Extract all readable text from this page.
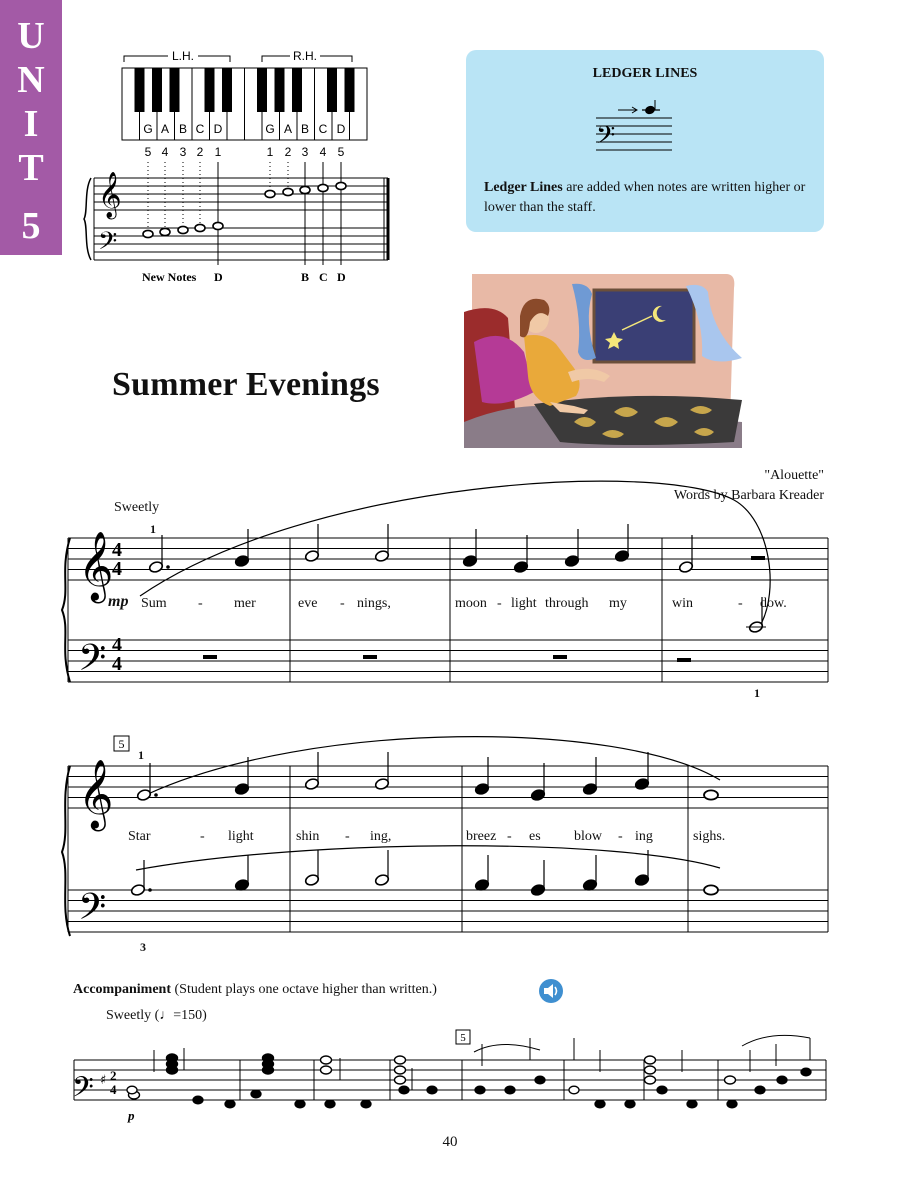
U
N
I
T
5
L.H.	R.H.
Middle C
G A B C D	G A B C D
5 4 3 2 1	1 2 3 4 5
𝄞
𝄢
New Notes D	B C D
LEDGER LINES
𝄢
Ledger Lines are added when notes are written higher or lower than the staff.
Summer Evenings
"Alouette"
Words by Barbara Kreader
Sweetly
𝄞
𝄢
4
4
4
4
1
1
mp Sum - mer	eve - nings,	moon - light through my	win	- dow.
5
𝄞
𝄢
1
3
Star	- light	shin - ing,	breez - es blow - ing	sighs.
Accompaniment (Student plays one octave higher than written.)
Sweetly (♩=150)
5
𝄢 ♯ 2
4
p
40
